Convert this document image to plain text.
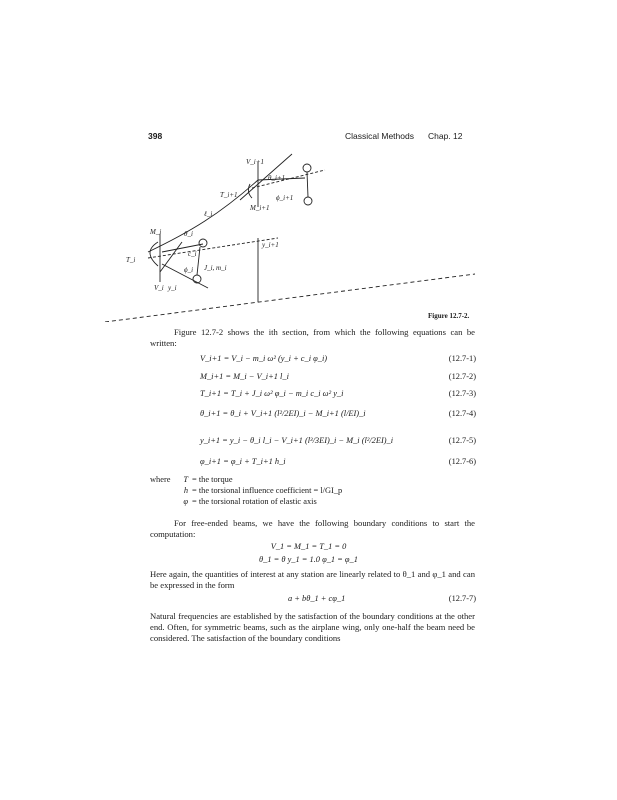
398	Classical Methods Chap. 12
V_i+1
θ_i+1
T_i+1
M_i+1
ϕ_i+1
ℓ_i
M_i	θ_i
T_i
y_i+1
c_i
J_i, m_i
ϕ_i
V_i y_i
Figure 12.7-2.
Figure 12.7-2 shows the ith section, from which the following equations can be written:
V_i+1 = V_i − m_i ω² (y_i + c_i φ_i)	(12.7-1)
M_i+1 = M_i − V_i+1 l_i	(12.7-2)
T_i+1 = T_i + J_i ω² φ_i − m_i c_i ω² y_i	(12.7-3)
θ_i+1 = θ_i + V_i+1 (l²/2EI)_i − M_i+1 (l/EI)_i	(12.7-4)
y_i+1 = y_i − θ_i l_i − V_i+1 (l³/3EI)_i − M_i (l²/2EI)_i	(12.7-5)
φ_i+1 = φ_i + T_i+1 h_i	(12.7-6)
where T = the torque
h = the torsional influence coefficient = l/GI_p
φ = the torsional rotation of elastic axis
For free-ended beams, we have the following boundary conditions to start the computation:
V_1 = M_1 = T_1 = 0
θ_1 = θ y_1 = 1.0 φ_1 = φ_1
Here again, the quantities of interest at any station are linearly related to θ_1 and φ_1 and can be expressed in the form
a + bθ_1 + cφ_1	(12.7-7)
Natural frequencies are established by the satisfaction of the boundary conditions at the other end. Often, for symmetric beams, such as the airplane wing, only one-half the beam need be considered. The satisfaction of the boundary conditions
